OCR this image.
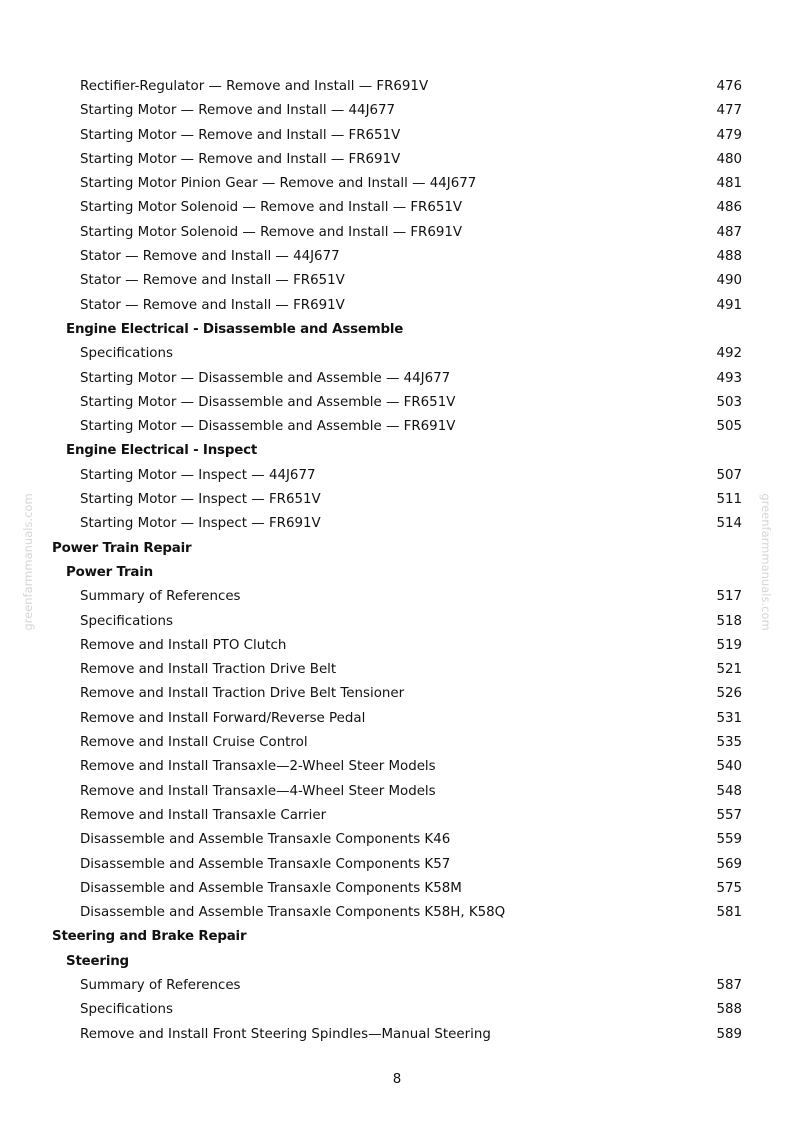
Rectifier-Regulator — Remove and Install — FR691V	476
Starting Motor — Remove and Install — 44J677	477
Starting Motor — Remove and Install — FR651V	479
Starting Motor — Remove and Install — FR691V	480
Starting Motor Pinion Gear — Remove and Install — 44J677	481
Starting Motor Solenoid — Remove and Install — FR651V	486
Starting Motor Solenoid — Remove and Install — FR691V	487
Stator — Remove and Install — 44J677	488
Stator — Remove and Install — FR651V	490
Stator — Remove and Install — FR691V	491
Engine Electrical - Disassemble and Assemble
Specifications	492
Starting Motor — Disassemble and Assemble — 44J677	493
Starting Motor — Disassemble and Assemble — FR651V	503
Starting Motor — Disassemble and Assemble — FR691V	505
Engine Electrical - Inspect
Starting Motor — Inspect — 44J677	507
Starting Motor — Inspect — FR651V	511
Starting Motor — Inspect — FR691V	514
Power Train Repair
Power Train
Summary of References	517
Specifications	518
Remove and Install PTO Clutch	519
Remove and Install Traction Drive Belt	521
Remove and Install Traction Drive Belt Tensioner	526
Remove and Install Forward/Reverse Pedal	531
Remove and Install Cruise Control	535
Remove and Install Transaxle—2-Wheel Steer Models	540
Remove and Install Transaxle—4-Wheel Steer Models	548
Remove and Install Transaxle Carrier	557
Disassemble and Assemble Transaxle Components K46	559
Disassemble and Assemble Transaxle Components K57	569
Disassemble and Assemble Transaxle Components K58M	575
Disassemble and Assemble Transaxle Components K58H, K58Q	581
Steering and Brake Repair
Steering
Summary of References	587
Specifications	588
Remove and Install Front Steering Spindles—Manual Steering	589
greenfarmmanuals.com	greenfarmmanuals.com
8
